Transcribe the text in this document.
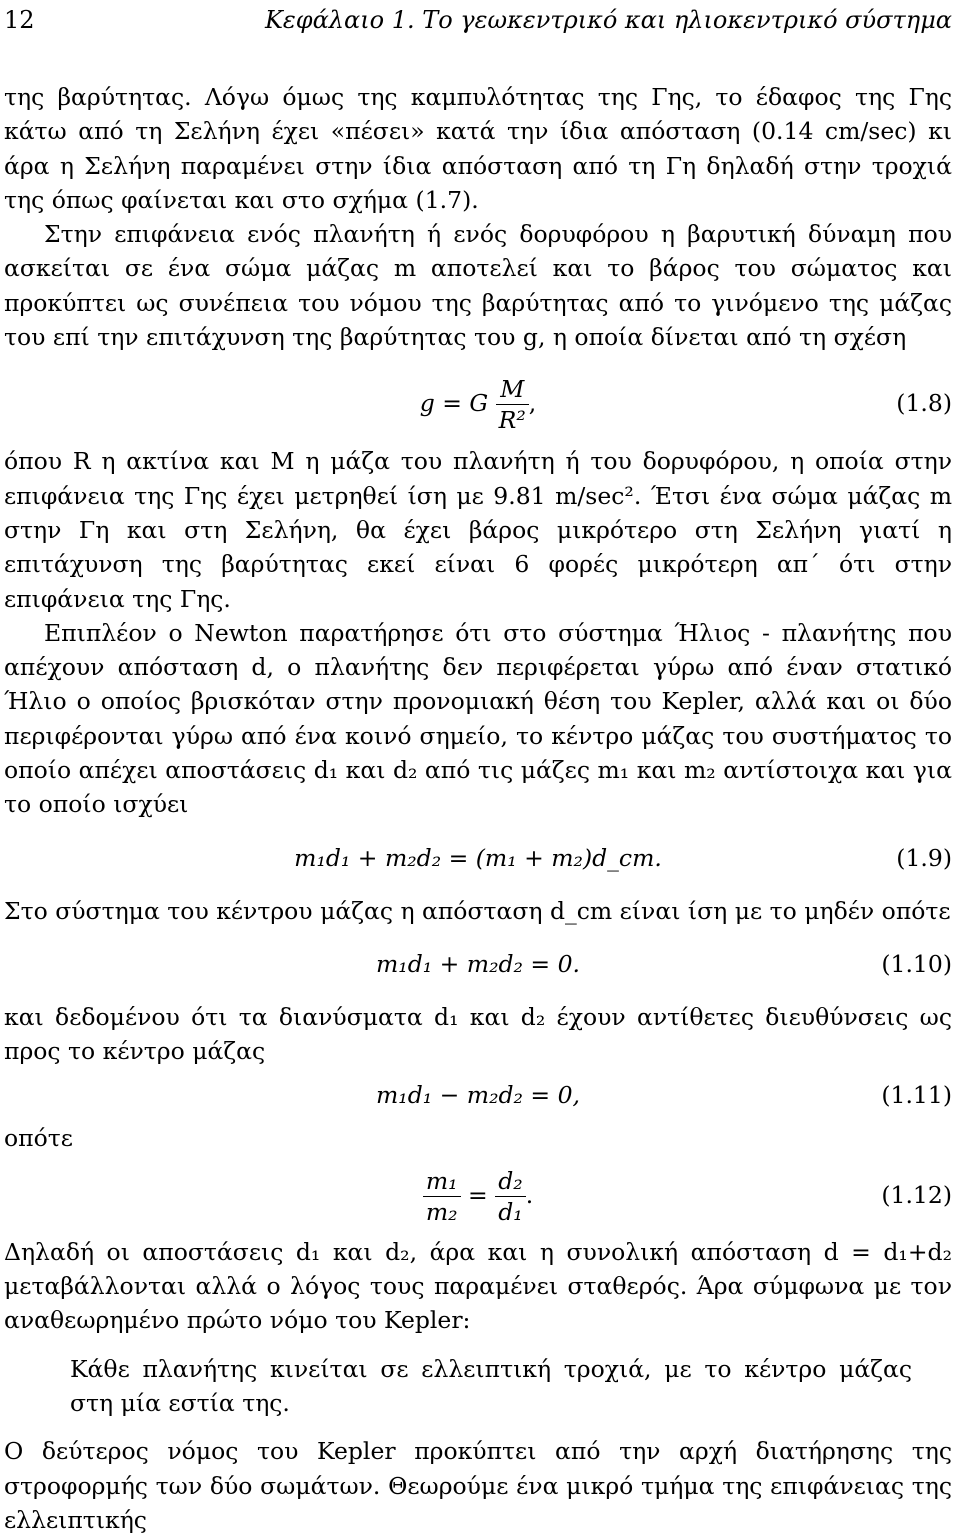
12	Κεφάλαιο 1. Το γεωκεντρικό και ηλιοκεντρικό σύστημα

της βαρύτητας. Λόγω όμως της καμπυλότητας της Γης, το έδαφος της Γης κάτω από τη Σελήνη έχει «πέσει» κατά την ίδια απόσταση (0.14 cm/sec) κι άρα η Σελήνη παραμένει στην ίδια απόσταση από τη Γη δηλαδή στην τροχιά της όπως φαίνεται και στο σχήμα (1.7).

Στην επιφάνεια ενός πλανήτη ή ενός δορυφόρου η βαρυτική δύναμη που ασκείται σε ένα σώμα μάζας m αποτελεί και το βάρος του σώματος και προκύπτει ως συνέπεια του νόμου της βαρύτητας από το γινόμενο της μάζας του επί την επιτάχυνση της βαρύτητας του g, η οποία δίνεται από τη σχέση

g = G $\frac{M}{\text{R²}}$ ,	(1.8)

όπου R η ακτίνα και M η μάζα του πλανήτη ή του δορυφόρου, η οποία στην επιφάνεια της Γης έχει μετρηθεί ίση με 9.81 m/sec². Έτσι ένα σώμα μάζας m στην Γη και στη Σελήνη, θα έχει βάρος μικρότερο στη Σελήνη γιατί η επιτάχυνση της βαρύτητας εκεί είναι 6 φορές μικρότερη απ΄ ότι στην επιφάνεια της Γης.

Επιπλέον ο Newton παρατήρησε ότι στο σύστημα Ήλιος - πλανήτης που απέχουν απόσταση d, ο πλανήτης δεν περιφέρεται γύρω από έναν στατικό Ήλιο ο οποίος βρισκόταν στην προνομιακή θέση του Kepler, αλλά και οι δύο περιφέρονται γύρω από ένα κοινό σημείο, το κέντρο μάζας του συστήματος το οποίο απέχει αποστάσεις d₁ και d₂ από τις μάζες m₁ και m₂ αντίστοιχα και για το οποίο ισχύει

m₁d₁ + m₂d₂ = (m₁ + m₂)d_cm.	(1.9)

Στο σύστημα του κέντρου μάζας η απόσταση d_cm είναι ίση με το μηδέν οπότε

m₁d₁ + m₂d₂ = 0.	(1.10)

και δεδομένου ότι τα διανύσματα d₁ και d₂ έχουν αντίθετες διευθύνσεις ως προς το κέντρο μάζας

m₁d₁ − m₂d₂ = 0,	(1.11)

οπότε

$\frac{\text{m₁}}{\text{m₂}} = \frac{\text{d₂}}{\text{d₁}}$ .	(1.12)

Δηλαδή οι αποστάσεις d₁ και d₂, άρα και η συνολική απόσταση d = d₁+d₂ μεταβάλλονται αλλά ο λόγος τους παραμένει σταθερός. Άρα σύμφωνα με τον αναθεωρημένο πρώτο νόμο του Kepler:

Κάθε πλανήτης κινείται σε ελλειπτική τροχιά, με το κέντρο μάζας στη μία εστία της.

Ο δεύτερος νόμος του Kepler προκύπτει από την αρχή διατήρησης της στροφορμής των δύο σωμάτων. Θεωρούμε ένα μικρό τμήμα της επιφάνειας της ελλειπτικής
